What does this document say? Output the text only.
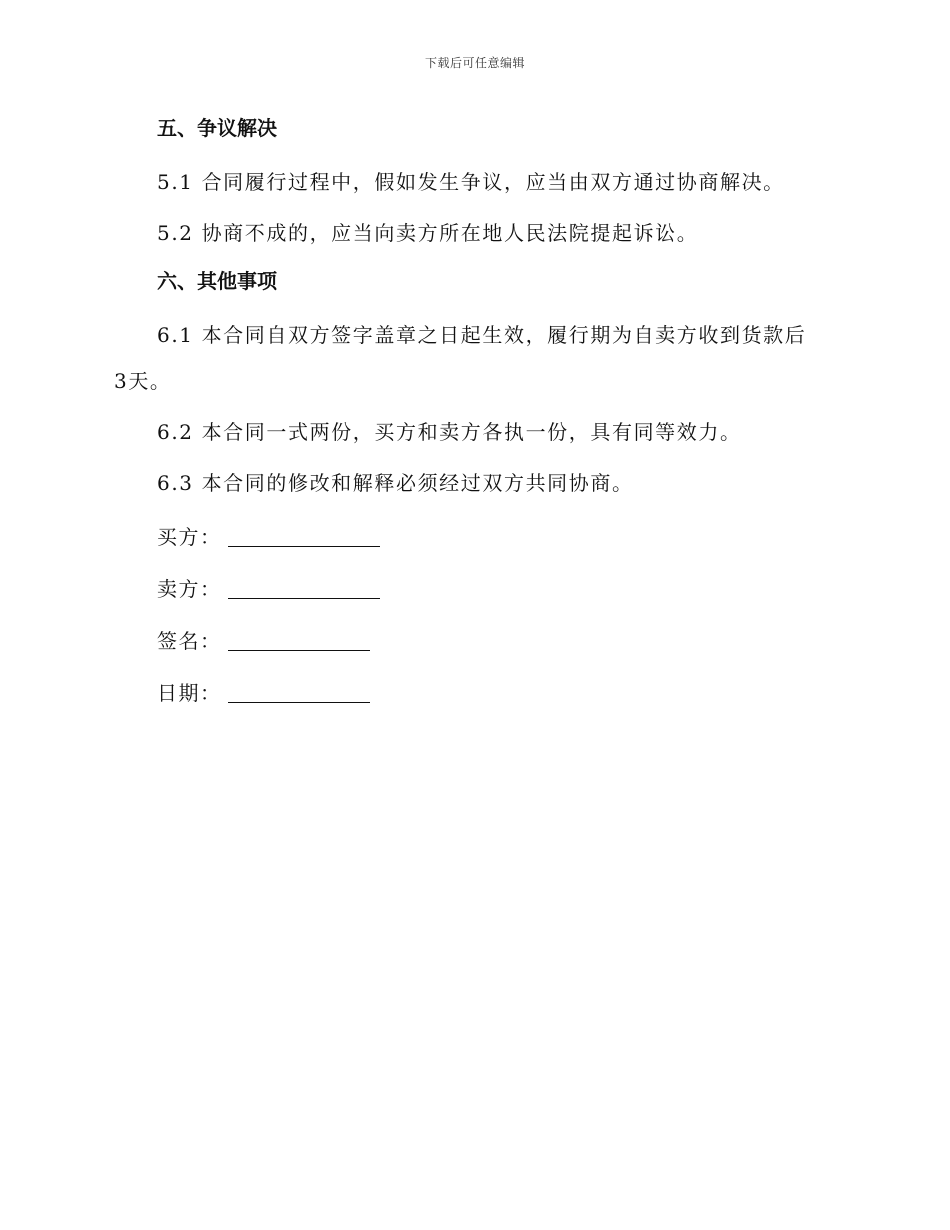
下载后可任意编辑

五、争议解决

5.1 合同履行过程中，假如发生争议，应当由双方通过协商解决。

5.2 协商不成的，应当向卖方所在地人民法院提起诉讼。

六、其他事项

6.1 本合同自双方签字盖章之日起生效，履行期为自卖方收到货款后3天。

6.2 本合同一式两份，买方和卖方各执一份，具有同等效力。

6.3 本合同的修改和解释必须经过双方共同协商。

买方：
卖方：
签名：
日期：
